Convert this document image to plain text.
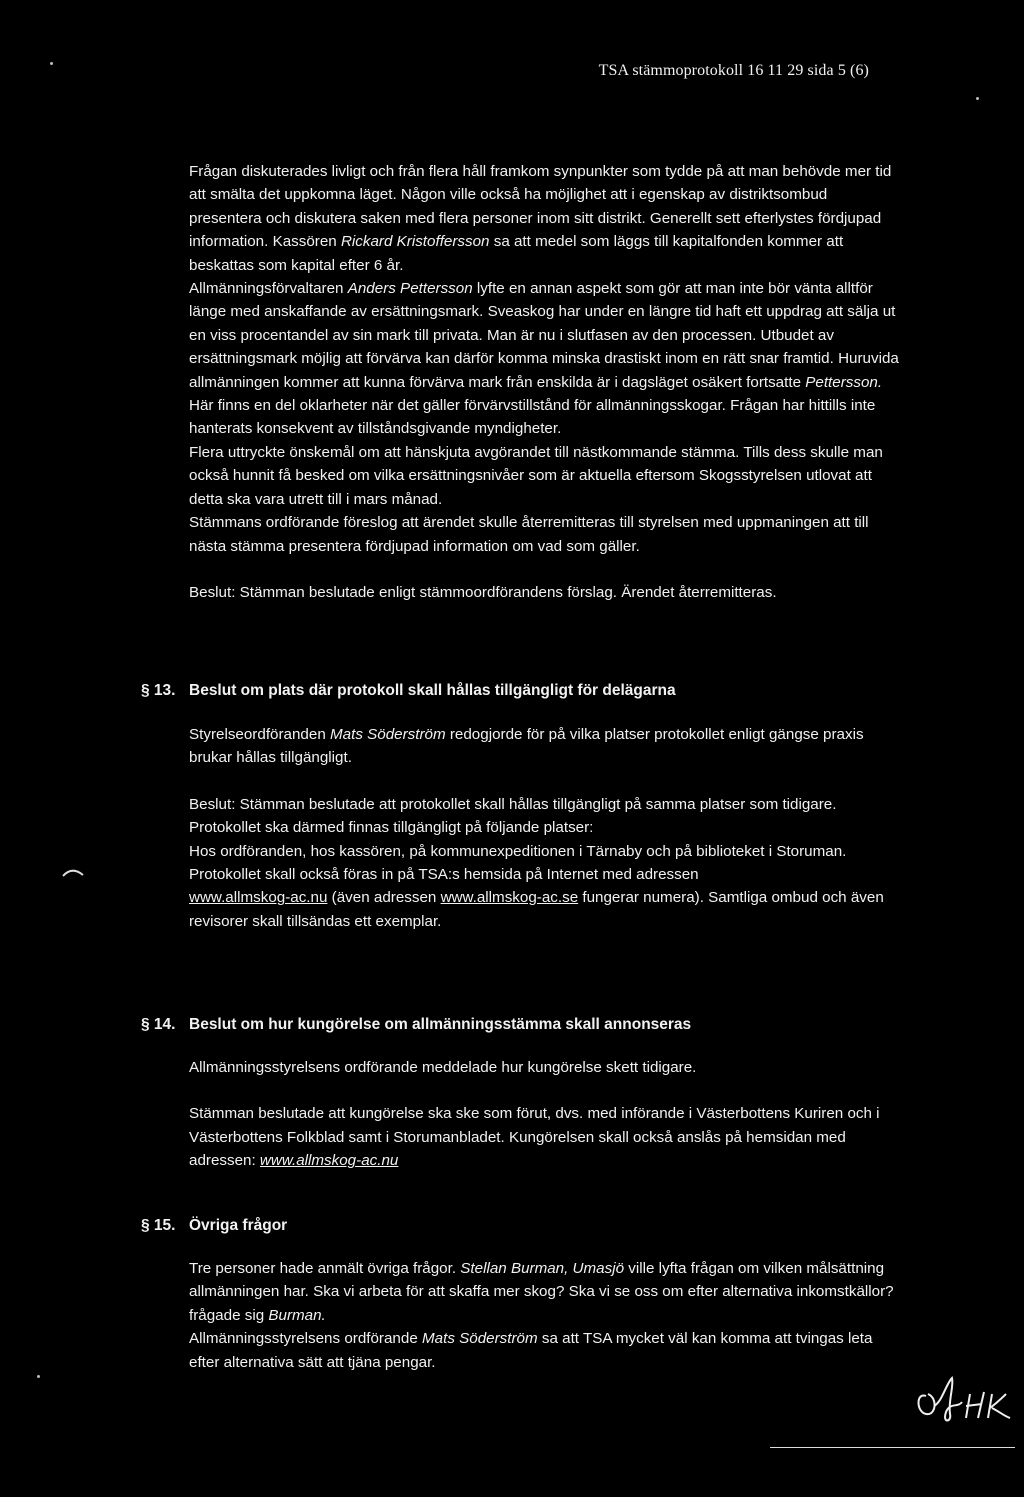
TSA stämmoprotokoll 16 11 29 sida 5 (6)

Frågan diskuterades livligt och från flera håll framkom synpunkter som tydde på att man behövde mer tid att smälta det uppkomna läget. Någon ville också ha möjlighet att i egenskap av distriktsombud presentera och diskutera saken med flera personer inom sitt distrikt. Generellt sett efterlystes fördjupad information. Kassören Rickard Kristoffersson sa att medel som läggs till kapitalfonden kommer att beskattas som kapital efter 6 år.

Allmänningsförvaltaren Anders Pettersson lyfte en annan aspekt som gör att man inte bör vänta alltför länge med anskaffande av ersättningsmark. Sveaskog har under en längre tid haft ett uppdrag att sälja ut en viss procentandel av sin mark till privata. Man är nu i slutfasen av den processen. Utbudet av ersättningsmark möjlig att förvärva kan därför komma minska drastiskt inom en rätt snar framtid. Huruvida allmänningen kommer att kunna förvärva mark från enskilda är i dagsläget osäkert fortsatte Pettersson. Här finns en del oklarheter när det gäller förvärvstillstånd för allmänningsskogar. Frågan har hittills inte hanterats konsekvent av tillståndsgivande myndigheter.

Flera uttryckte önskemål om att hänskjuta avgörandet till nästkommande stämma. Tills dess skulle man också hunnit få besked om vilka ersättningsnivåer som är aktuella eftersom Skogsstyrelsen utlovat att detta ska vara utrett till i mars månad.

Stämmans ordförande föreslog att ärendet skulle återremitteras till styrelsen med uppmaningen att till nästa stämma presentera fördjupad information om vad som gäller.

Beslut: Stämman beslutade enligt stämmoordförandens förslag. Ärendet återremitteras.

§ 13. Beslut om plats där protokoll skall hållas tillgängligt för delägarna

Styrelseordföranden Mats Söderström redogjorde för på vilka platser protokollet enligt gängse praxis brukar hållas tillgängligt.

Beslut: Stämman beslutade att protokollet skall hållas tillgängligt på samma platser som tidigare. Protokollet ska därmed finnas tillgängligt på följande platser:

Hos ordföranden, hos kassören, på kommunexpeditionen i Tärnaby och på biblioteket i Storuman. Protokollet skall också föras in på TSA:s hemsida på Internet med adressen
www.allmskog-ac.nu (även adressen www.allmskog-ac.se fungerar numera). Samtliga ombud och även revisorer skall tillsändas ett exemplar.

§ 14. Beslut om hur kungörelse om allmänningsstämma skall annonseras

Allmänningsstyrelsens ordförande meddelade hur kungörelse skett tidigare.

Stämman beslutade att kungörelse ska ske som förut, dvs. med införande i Västerbottens Kuriren och i Västerbottens Folkblad samt i Storumanbladet. Kungörelsen skall också anslås på hemsidan med adressen: www.allmskog-ac.nu

§ 15. Övriga frågor

Tre personer hade anmält övriga frågor. Stellan Burman, Umasjö ville lyfta frågan om vilken målsättning allmänningen har. Ska vi arbeta för att skaffa mer skog? Ska vi se oss om efter alternativa inkomstkällor? frågade sig Burman.

Allmänningsstyrelsens ordförande Mats Söderström sa att TSA mycket väl kan komma att tvingas leta efter alternativa sätt att tjäna pengar.
